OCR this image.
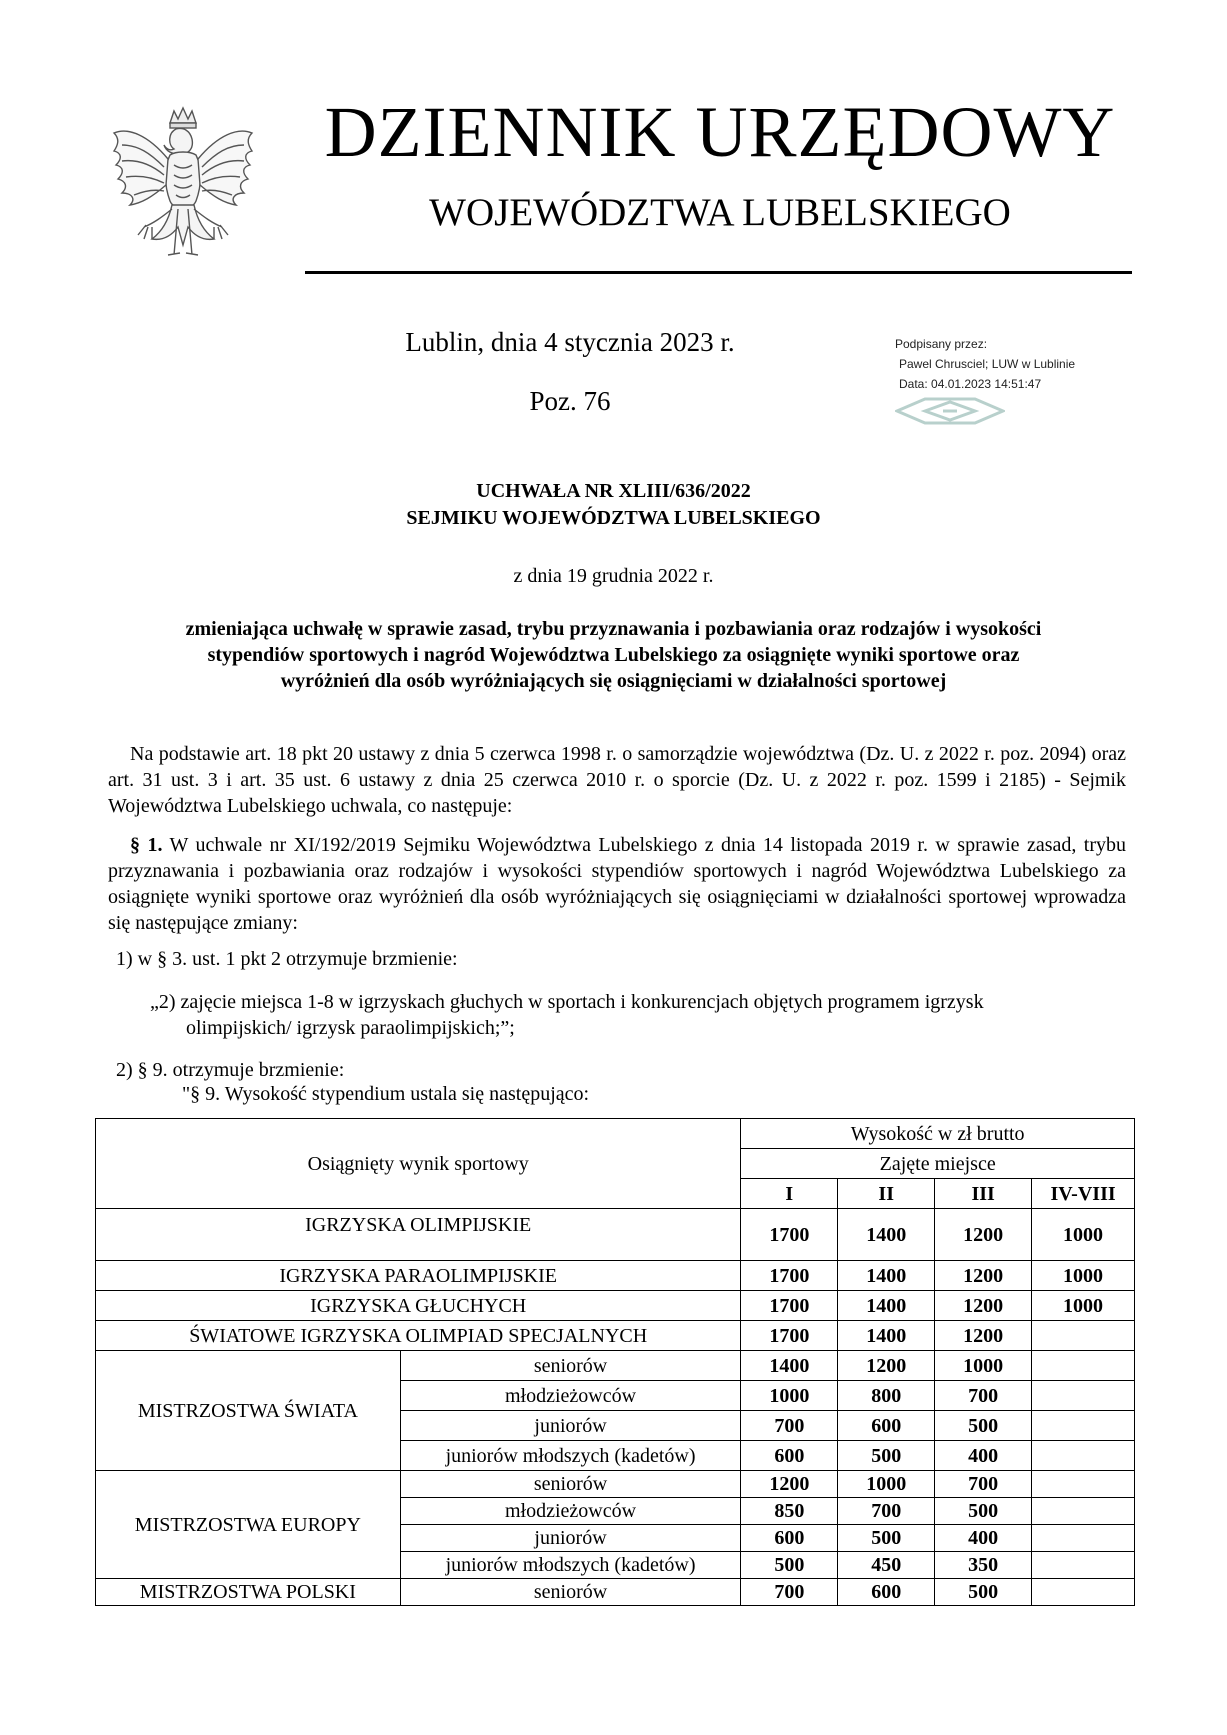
DZIENNIK URZĘDOWY
WOJEWÓDZTWA LUBELSKIEGO
Lublin, dnia 4 stycznia 2023 r.
Poz. 76
Podpisany przez:
Pawel Chrusciel; LUW w Lublinie
Data: 04.01.2023 14:51:47
UCHWAŁA NR XLIII/636/2022
SEJMIKU WOJEWÓDZTWA LUBELSKIEGO
z dnia 19 grudnia 2022 r.
zmieniająca uchwałę w sprawie zasad, trybu przyznawania i pozbawiania oraz rodzajów i wysokości
stypendiów sportowych i nagród Województwa Lubelskiego za osiągnięte wyniki sportowe oraz
wyróżnień dla osób wyróżniających się osiągnięciami w działalności sportowej
Na podstawie art. 18 pkt 20 ustawy z dnia 5 czerwca 1998 r. o samorządzie województwa (Dz. U. z 2022 r. poz. 2094) oraz art. 31 ust. 3 i art. 35 ust. 6 ustawy z dnia 25 czerwca 2010 r. o sporcie (Dz. U. z 2022 r. poz. 1599 i 2185) - Sejmik Województwa Lubelskiego uchwala, co następuje:
§ 1. W uchwale nr XI/192/2019 Sejmiku Województwa Lubelskiego z dnia 14 listopada 2019 r. w sprawie zasad, trybu przyznawania i pozbawiania oraz rodzajów i wysokości stypendiów sportowych i nagród Województwa Lubelskiego za osiągnięte wyniki sportowe oraz wyróżnień dla osób wyróżniających się osiągnięciami w działalności sportowej wprowadza się następujące zmiany:
1) w § 3. ust. 1 pkt 2 otrzymuje brzmienie:
„2) zajęcie miejsca 1-8 w igrzyskach głuchych w sportach i konkurencjach objętych programem igrzysk
olimpijskich/ igrzysk paraolimpijskich;”;
2) § 9. otrzymuje brzmienie:
"§ 9. Wysokość stypendium ustala się następująco:
Osiągnięty wynik sportowy		Wysokość w zł brutto			
		Zajęte miejsce			
		I	II	III	IV-VIII
IGRZYSKA OLIMPIJSKIE		1700	1400	1200	1000
IGRZYSKA PARAOLIMPIJSKIE		1700	1400	1200	1000
IGRZYSKA GŁUCHYCH		1700	1400	1200	1000
ŚWIATOWE IGRZYSKA OLIMPIAD SPECJALNYCH		1700	1400	1200	
MISTRZOSTWA ŚWIATA	seniorów	1400	1200	1000	
	młodzieżowców	1000	800	700	
	juniorów	700	600	500	
	juniorów młodszych (kadetów)	600	500	400	
MISTRZOSTWA EUROPY	seniorów	1200	1000	700	
	młodzieżowców	850	700	500	
	juniorów	600	500	400	
	juniorów młodszych (kadetów)	500	450	350	
MISTRZOSTWA POLSKI	seniorów	700	600	500	
